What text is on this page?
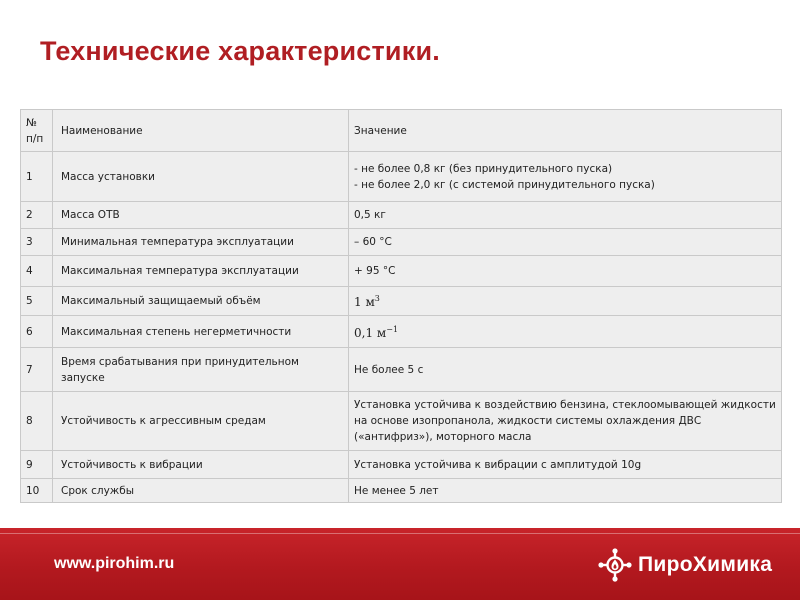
Технические характеристики.
№ п/п	Наименование	Значение
1	Масса установки	- не более 0,8 кг (без принудительного пуска)
- не более 2,0 кг (с системой принудительного пуска)

2	Масса ОТВ	0,5 кг
3	Минимальная температура эксплуатации	– 60 °С
4	Максимальная температура эксплуатации	+ 95 °С
5	Максимальный защищаемый объём	1 $м^3$
6	Максимальная степень негерметичности	0,1 $м^{-1}$
7	Время срабатывания при принудительном запуске	Не более 5 с
8	Устойчивость к агрессивным средам	Установка устойчива к воздействию бензина, стеклоомывающей жидкости на основе изопропанола, жидкости системы охлаждения ДВС («антифриз»), моторного масла
9	Устойчивость к вибрации	Установка устойчива к вибрации с амплитудой 10g
10	Срок службы	Не менее 5 лет
www.pirohim.ru	ПироХимика
